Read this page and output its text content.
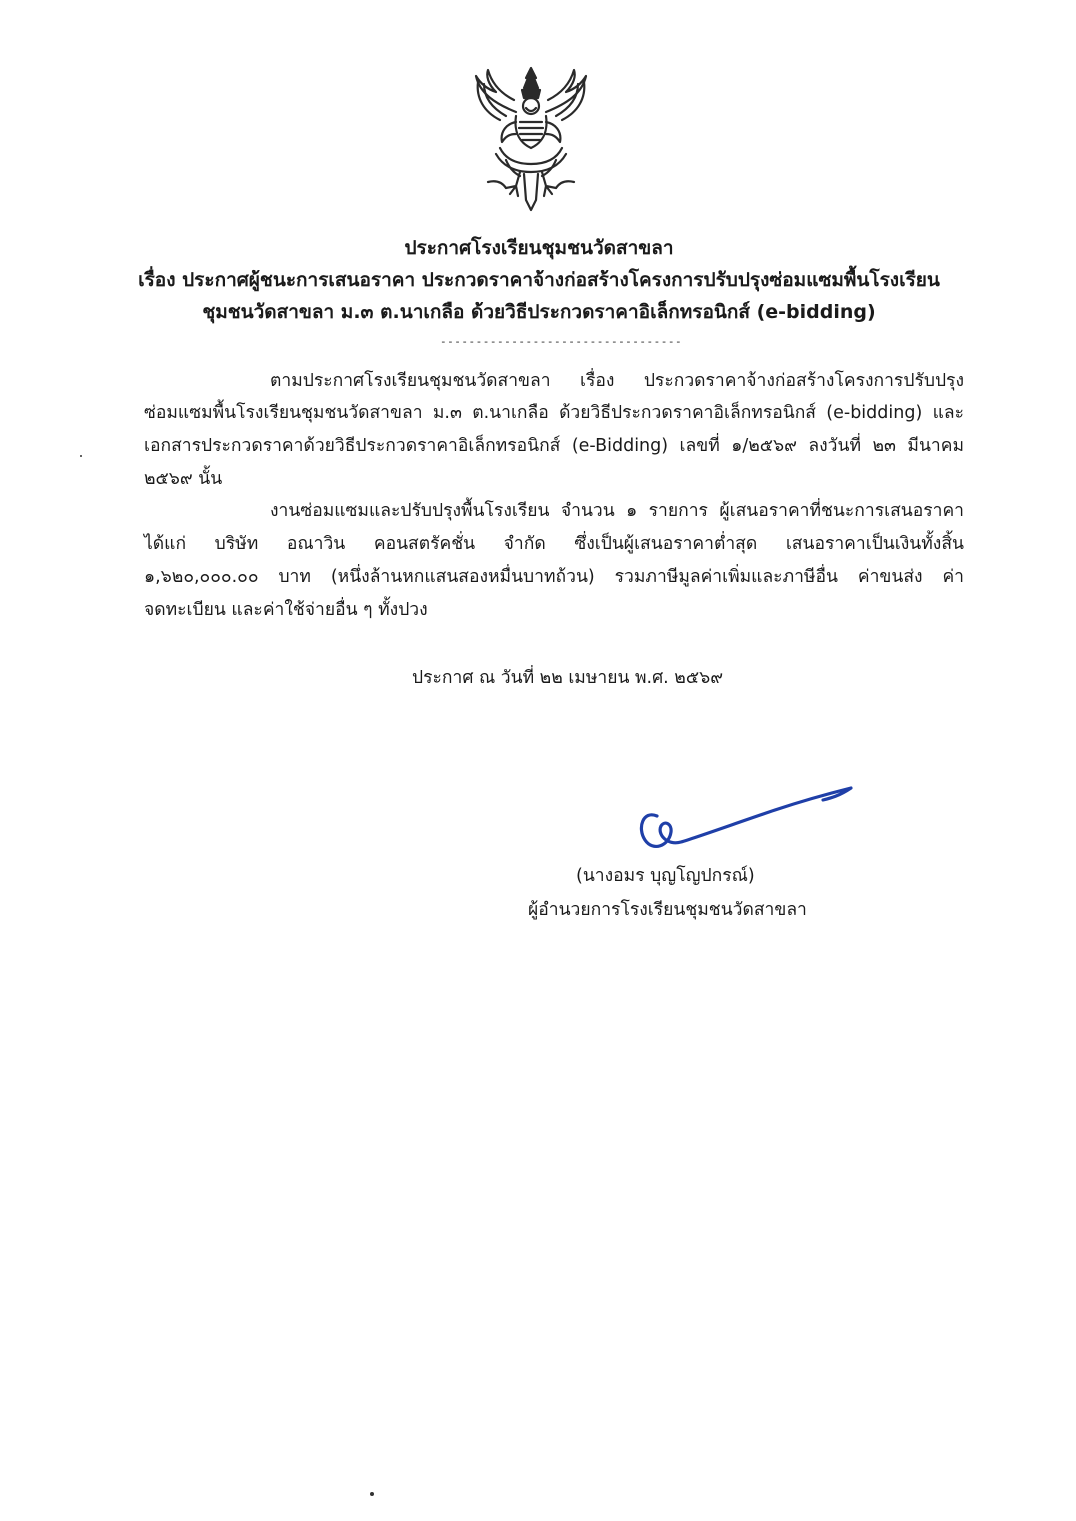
ประกาศโรงเรียนชุมชนวัดสาขลา
เรื่อง ประกาศผู้ชนะการเสนอราคา ประกวดราคาจ้างก่อสร้างโครงการปรับปรุงซ่อมแซมพื้นโรงเรียน
ชุมชนวัดสาขลา ม.๓ ต.นาเกลือ ด้วยวิธีประกวดราคาอิเล็กทรอนิกส์ (e-bidding)
----------------------------------
ตามประกาศโรงเรียนชุมชนวัดสาขลา เรื่อง ประกวดราคาจ้างก่อสร้างโครงการปรับปรุง
ซ่อมแซมพื้นโรงเรียนชุมชนวัดสาขลา ม.๓ ต.นาเกลือ ด้วยวิธีประกวดราคาอิเล็กทรอนิกส์ (e-bidding) และ
เอกสารประกวดราคาด้วยวิธีประกวดราคาอิเล็กทรอนิกส์ (e-Bidding) เลขที่ ๑/๒๕๖๙ ลงวันที่ ๒๓ มีนาคม
๒๕๖๙ นั้น
งานซ่อมแซมและปรับปรุงพื้นโรงเรียน จำนวน ๑ รายการ ผู้เสนอราคาที่ชนะการเสนอราคา
ได้แก่ บริษัท อณาวิน คอนสตรัคชั่น จำกัด ซึ่งเป็นผู้เสนอราคาต่ำสุด เสนอราคาเป็นเงินทั้งสิ้น
๑,๖๒๐,๐๐๐.๐๐ บาท (หนึ่งล้านหกแสนสองหมื่นบาทถ้วน) รวมภาษีมูลค่าเพิ่มและภาษีอื่น ค่าขนส่ง ค่า
จดทะเบียน และค่าใช้จ่ายอื่น ๆ ทั้งปวง
ประกาศ ณ วันที่ ๒๒ เมษายน พ.ศ. ๒๕๖๙
(นางอมร บุญโญปกรณ์)
ผู้อำนวยการโรงเรียนชุมชนวัดสาขลา
